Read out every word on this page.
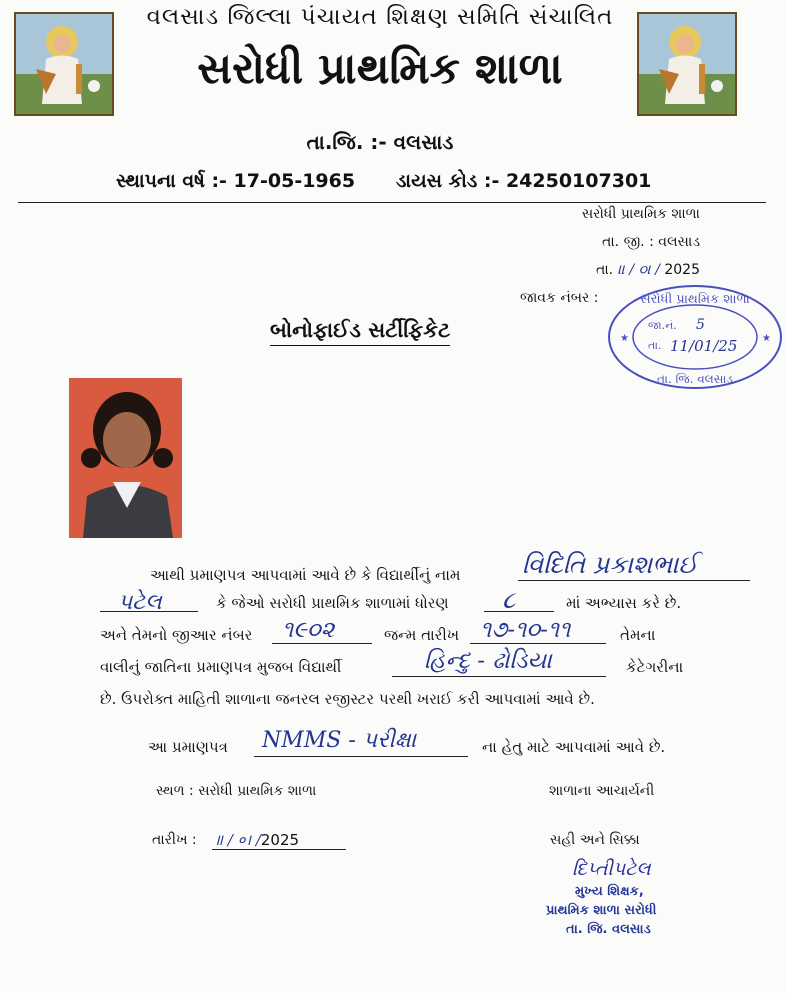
વલસાડ જિલ્લા પંચાયત શિક્ષણ સમિતિ સંચાલિત
સરોધી પ્રાથમિક શાળા
તા.જિ. :- વલસાડ
સ્થાપના વર્ષ :- 17-05-1965 ડાયસ કોડ :- 24250107301
સરોધી પ્રાથમિક શાળા
તા. જી. : વલસાડ
તા. ॥ / ૦। / 2025
જાવક નંબર :	સરોધી પ્રાથમિક શાળા
જા.નં. 5
તા. 11/01/25
તા. જિ. વલસાડ
★	★
બોનોફાઈડ સર્ટીફિકેટ
આથી પ્રમાણપત્ર આપવામાં આવે છે કે વિદ્યાર્થીનું નામ વિદિતિ પ્રકાશભાઈ
પટેલ	કે જેઓ સરોધી પ્રાથમિક શાળામાં ધોરણ ૮	માં અભ્યાસ કરે છે.
અને તેમનો જીઆર નંબર ૧૯૦૨	જન્મ તારીખ ૧૭-૧૦-૧૧	તેમના
વાલીનું જાતિના પ્રમાણપત્ર મુજબ વિદ્યાર્થી	હિન્દુ - ઢોડિયા	કેટેગરીના
છે. ઉપરોક્ત માહિતી શાળાના જનરલ રજીસ્ટર પરથી ખરાઈ કરી આપવામાં આવે છે.
આ પ્રમાણપત્ર NMMS - પરીક્ષા	ના હેતુ માટે આપવામાં આવે છે.
સ્થળ : સરોધી પ્રાથમિક શાળા	શાળાના આચાર્યની
તારીખ : ॥ / ०। /2025	સહી અને સિક્કા
દિપ્તીપટેલ
મુખ્ય શિક્ષક,
પ્રાથમિક શાળા સરોધી
તા. જિ. વલસાડ
